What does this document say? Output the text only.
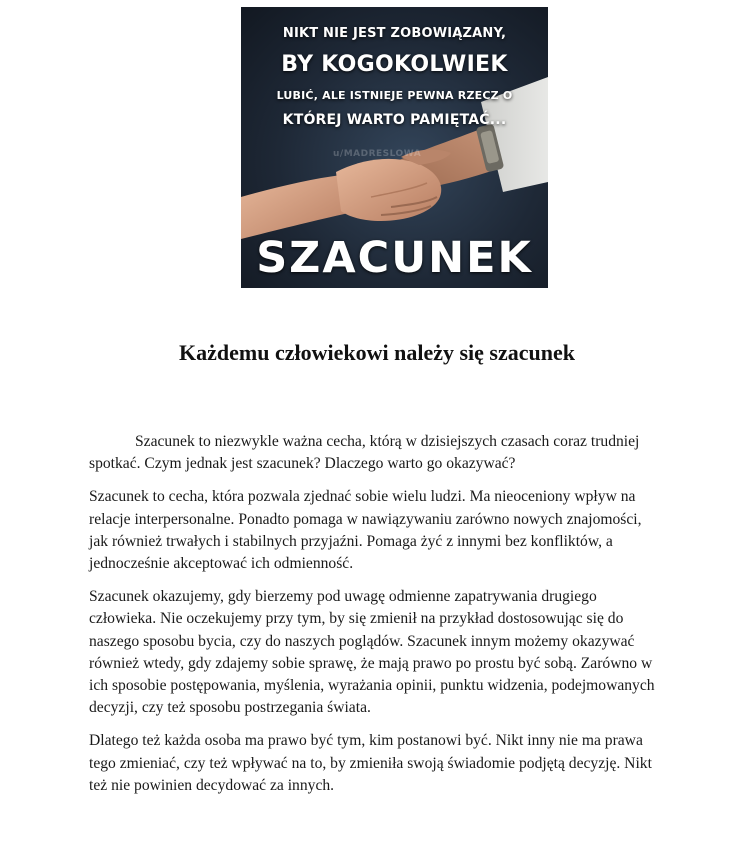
NIKT NIE JEST ZOBOWIĄZANY,

BY KOGOKOLWIEK

LUBIĆ, ALE ISTNIEJE PEWNA RZECZ O

KTÓREJ WARTO PAMIĘTAĆ...

u/MADRESLOWA

SZACUNEK

Każdemu człowiekowi należy się szacunek

Szacunek to niezwykle ważna cecha, którą w dzisiejszych czasach coraz trudniej spotkać. Czym jednak jest szacunek? Dlaczego warto go okazywać?

Szacunek to cecha, która pozwala zjednać sobie wielu ludzi. Ma nieoceniony wpływ na relacje interpersonalne. Ponadto pomaga w nawiązywaniu zarówno nowych znajomości, jak również trwałych i stabilnych przyjaźni. Pomaga żyć z innymi bez konfliktów, a jednocześnie akceptować ich odmienność.

Szacunek okazujemy, gdy bierzemy pod uwagę odmienne zapatrywania drugiego człowieka. Nie oczekujemy przy tym, by się zmienił na przykład dostosowując się do naszego sposobu bycia, czy do naszych poglądów. Szacunek innym możemy okazywać również wtedy, gdy zdajemy sobie sprawę, że mają prawo po prostu być sobą. Zarówno w ich sposobie postępowania, myślenia, wyrażania opinii, punktu widzenia, podejmowanych decyzji, czy też sposobu postrzegania świata.

Dlatego też każda osoba ma prawo być tym, kim postanowi być. Nikt inny nie ma prawa tego zmieniać, czy też wpływać na to, by zmieniła swoją świadomie podjętą decyzję. Nikt też nie powinien decydować za innych.
